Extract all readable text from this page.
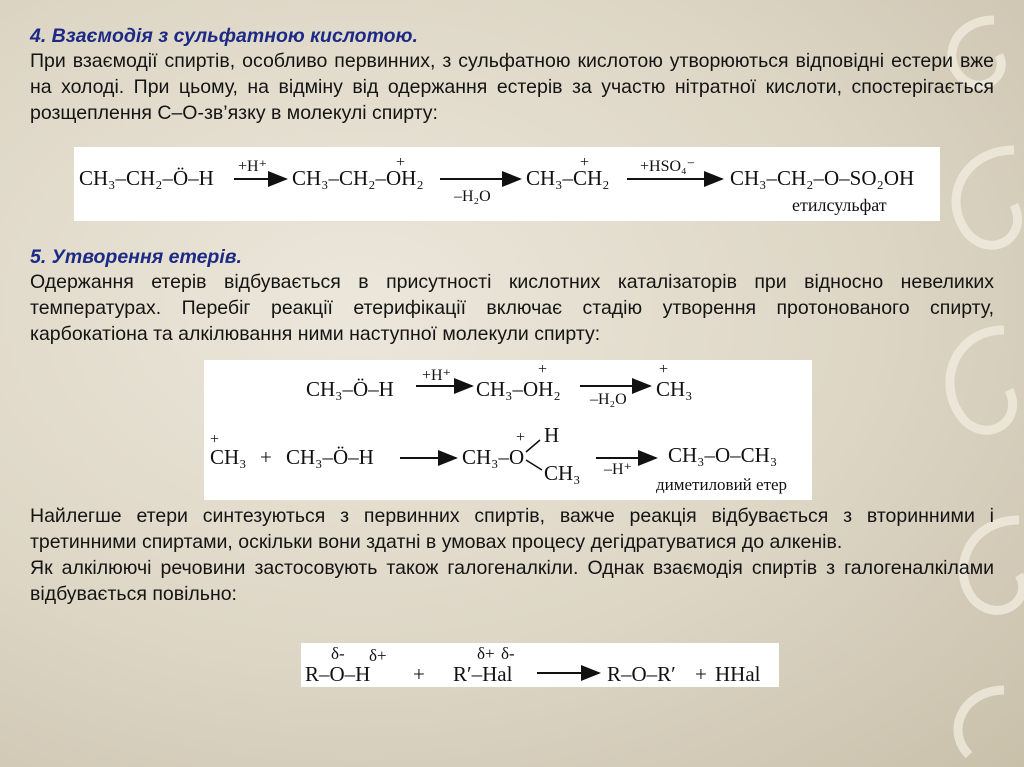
4. Взаємодія з сульфатною кислотою.

При взаємодії спиртів, особливо первинних, з сульфатною кислотою утворюються відповідні естери вже на холоді. При цьому, на відміну від одержання естерів за участю нітратної кислоти, спостерігається розщеплення С–О-зв’язку в молекулі спирту:

CH₃–CH₂–Ö–H +H⁺ CH₃–CH₂–OH₂
+
–H₂O
CH₃–CH₂
+	+HSO₄⁻ CH₃–CH₂–O–SO₂OH
етилсульфат

5. Утворення етерів.

Одержання етерів відбувається в присутності кислотних каталізаторів при відносно невеликих температурах. Перебіг реакції етерифікації включає стадію утворення протонованого спирту, карбокатіона та алкілювання ними наступної молекули спирту:

CH₃–Ö–H
+H⁺
CH₃–OH₂
+
–H₂O CH₃
+
+
CH₃ + CH₃–Ö–H	CH₃–O
+ H
CH₃ –H⁺
CH₃–O–CH₃
диметиловий етер

Найлегше етери синтезуються з первинних спиртів, важче реакція відбувається з вторинними і третинними спиртами, оскільки вони здатні в умовах процесу дегідратуватися до алкенів.

Як алкілюючі речовини застосовують також галогеналкіли. Однак взаємодія спиртів з галогеналкілами відбувається повільно:

δ- δ+
R–O–H +
δ+ δ-
R′–Hal	R–O–R′ + HHal
